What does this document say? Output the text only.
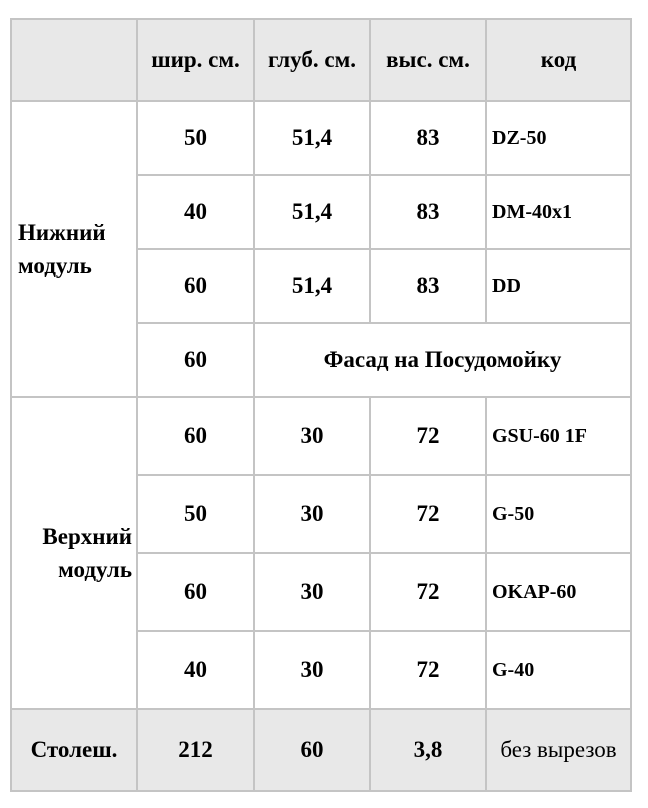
	шир. см.	глуб. см.	выс. см.	код
Нижний модуль	50	51,4	83	DZ-50
	40	51,4	83	DM-40x1
	60	51,4	83	DD
	60	Фасад на Посудомойку		
Верхний модуль	60	30	72	GSU-60 1F
	50	30	72	G-50
	60	30	72	OKAP-60
	40	30	72	G-40
Столеш.	212	60	3,8	без вырезов
